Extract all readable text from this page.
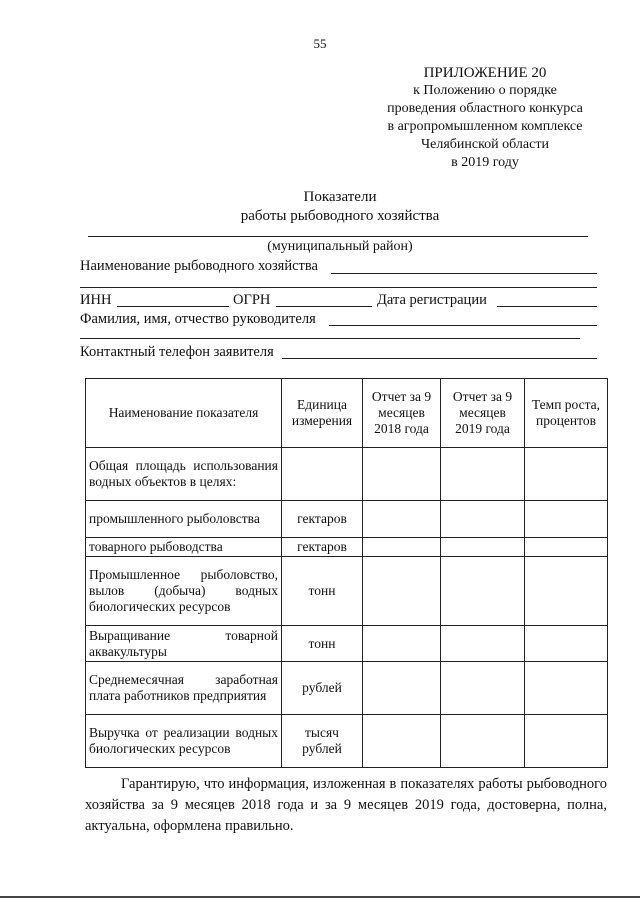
55
ПРИЛОЖЕНИЕ 20
к Положению о порядке
проведения областного конкурса
в агропромышленном комплексе
Челябинской области
в 2019 году
Показатели
работы рыбоводного хозяйства
(муниципальный район)
Наименование рыбоводного хозяйства
ИНН	ОГРН	Дата регистрации
Фамилия, имя, отчество руководителя
Контактный телефон заявителя
Наименование показателя	Единица измерения	Отчет за 9 месяцев 2018 года	Отчет за 9 месяцев 2019 года	Темп роста, процентов
Общая площадь использования водных объектов в целях:				
промышленного рыболовства	гектаров			
товарного рыбоводства	гектаров			
Промышленное рыболовство, вылов (добыча) водных биологических ресурсов	тонн			
Выращивание товарной аквакультуры	тонн			
Среднемесячная заработная плата работников предприятия	рублей			
Выручка от реализации водных биологических ресурсов	тысяч рублей			
Гарантирую, что информация, изложенная в показателях работы рыбоводного хозяйства за 9 месяцев 2018 года и за 9 месяцев 2019 года, достоверна, полна, актуальна, оформлена правильно.
